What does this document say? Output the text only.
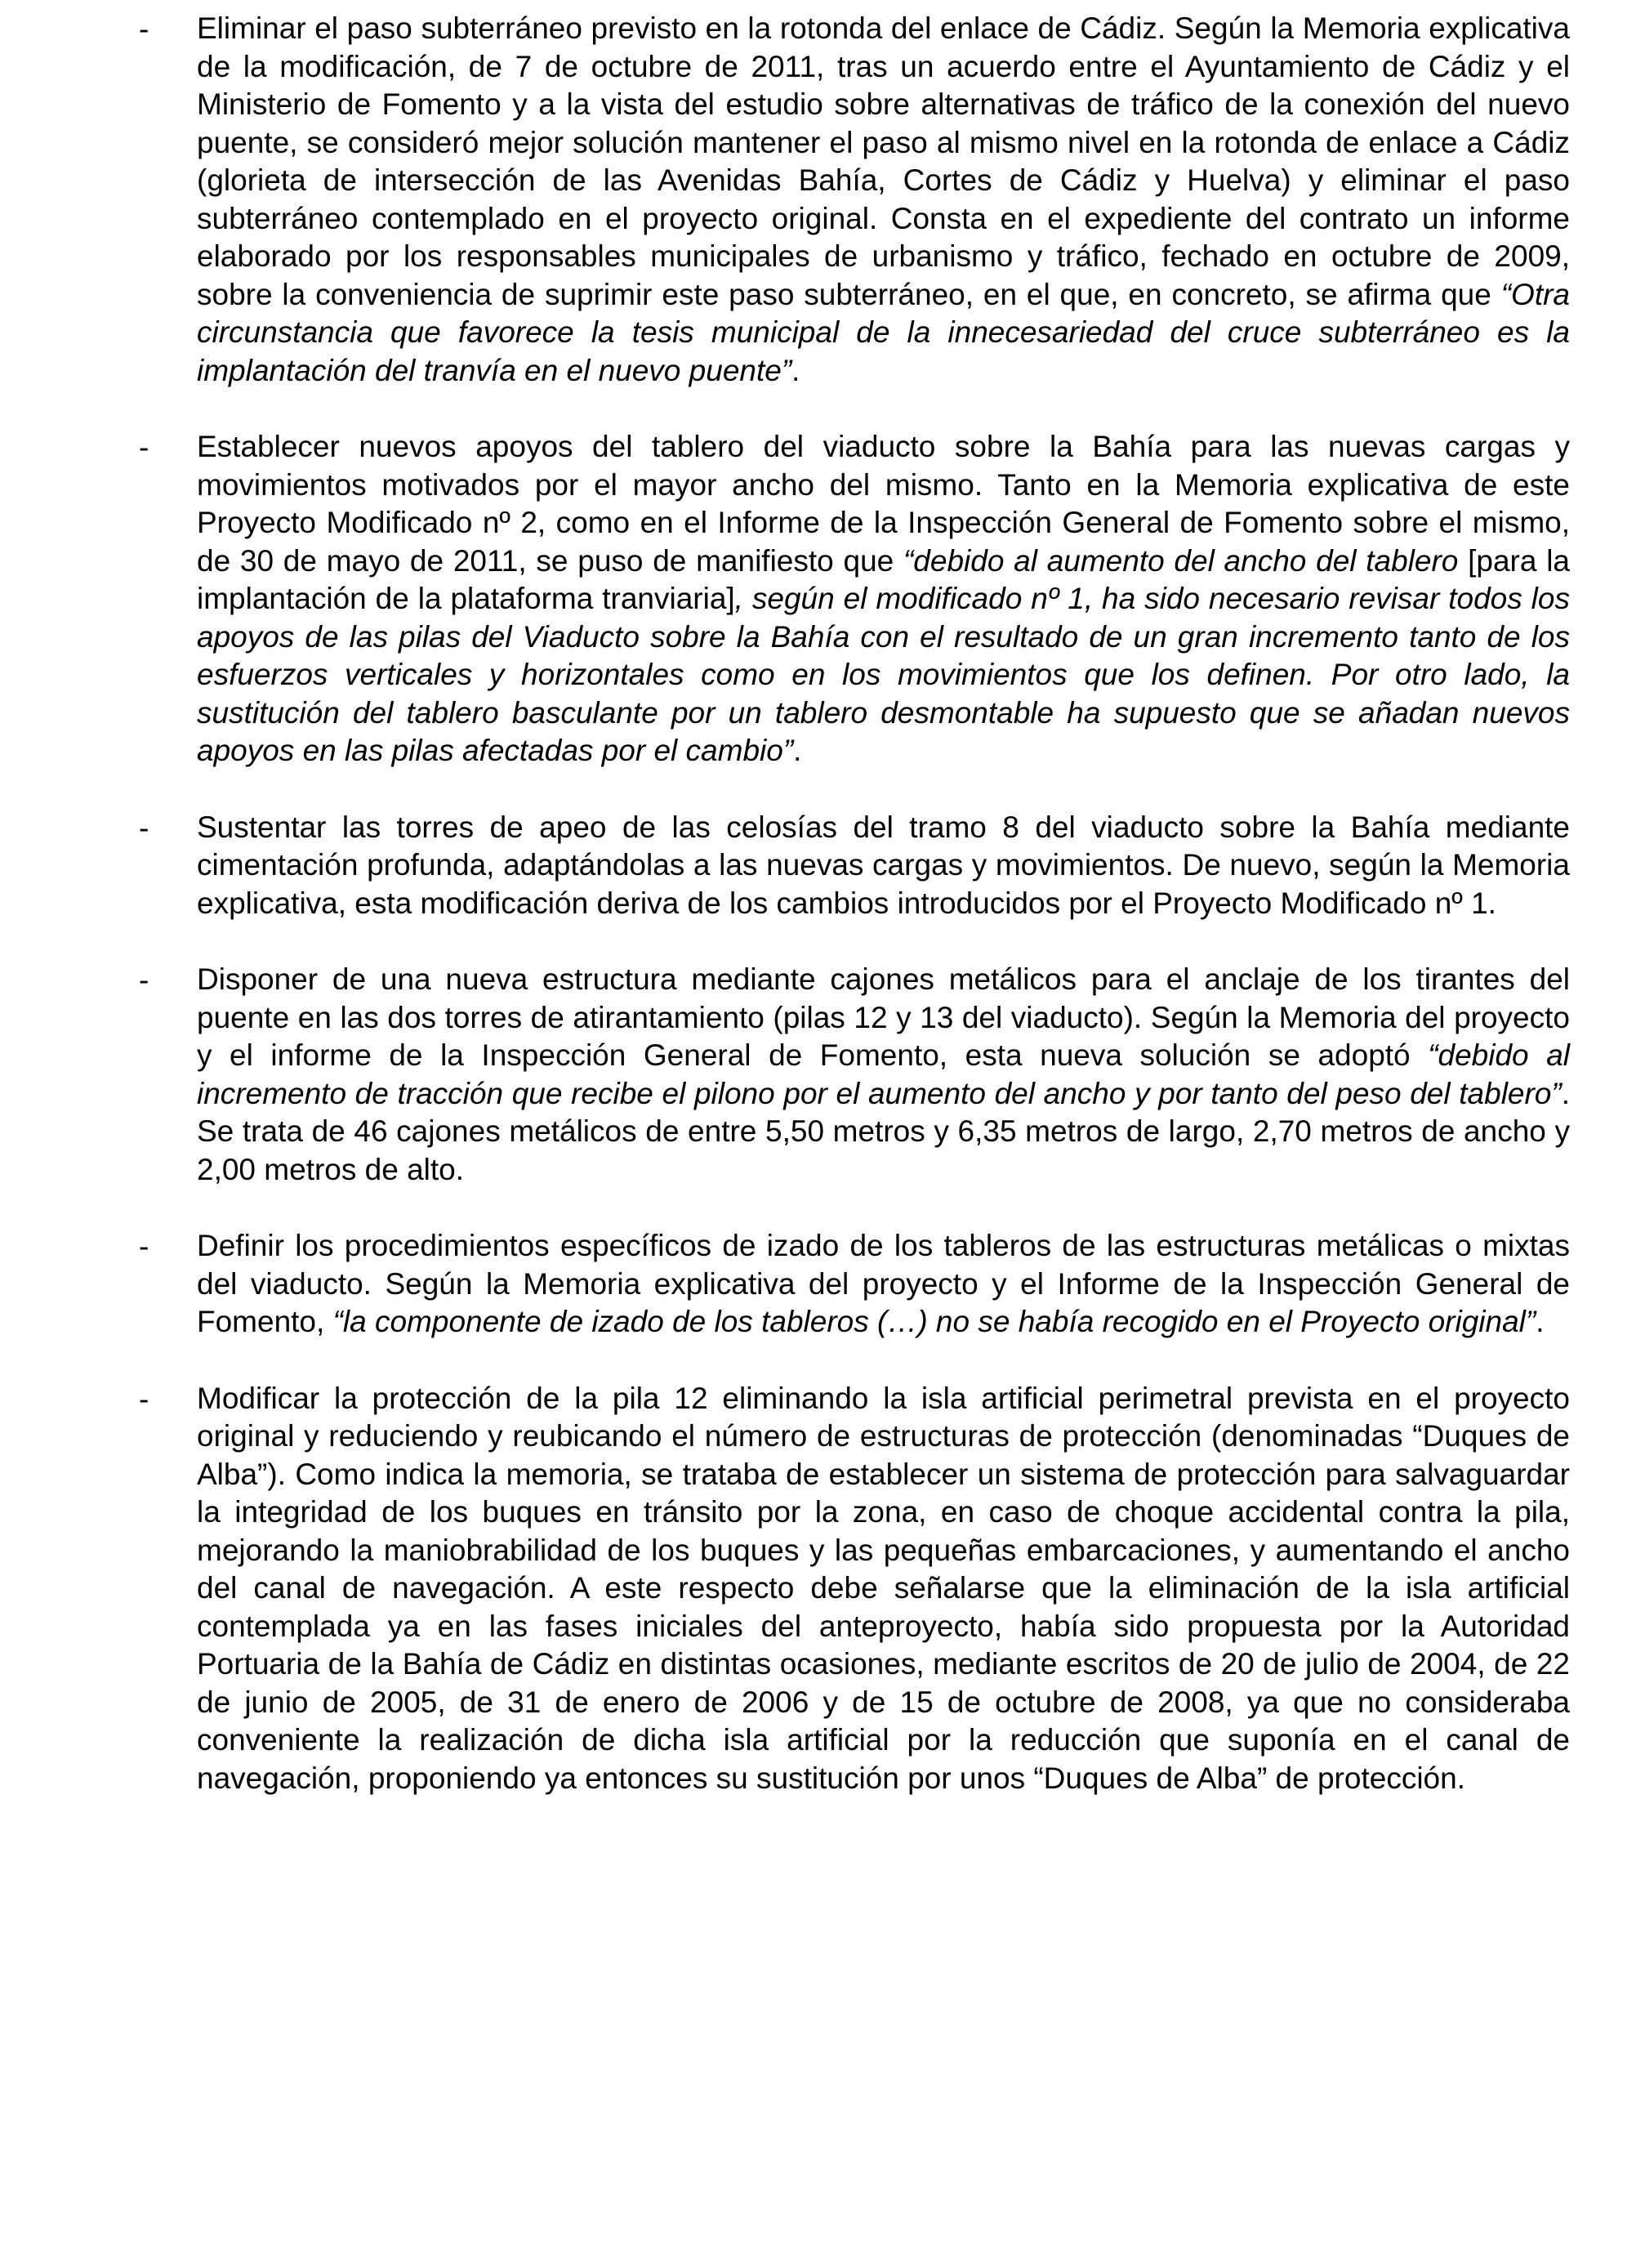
- Eliminar el paso subterráneo previsto en la rotonda del enlace de Cádiz. Según la Memoria explicativa de la modificación, de 7 de octubre de 2011, tras un acuerdo entre el Ayuntamiento de Cádiz y el Ministerio de Fomento y a la vista del estudio sobre alternativas de tráfico de la conexión del nuevo puente, se consideró mejor solución mantener el paso al mismo nivel en la rotonda de enlace a Cádiz (glorieta de intersección de las Avenidas Bahía, Cortes de Cádiz y Huelva) y eliminar el paso subterráneo contemplado en el proyecto original. Consta en el expediente del contrato un informe elaborado por los responsables municipales de urbanismo y tráfico, fechado en octubre de 2009, sobre la conveniencia de suprimir este paso subterráneo, en el que, en concreto, se afirma que “Otra circunstancia que favorece la tesis municipal de la innecesariedad del cruce subterráneo es la implantación del tranvía en el nuevo puente”.

- Establecer nuevos apoyos del tablero del viaducto sobre la Bahía para las nuevas cargas y movimientos motivados por el mayor ancho del mismo. Tanto en la Memoria explicativa de este Proyecto Modificado nº 2, como en el Informe de la Inspección General de Fomento sobre el mismo, de 30 de mayo de 2011, se puso de manifiesto que “debido al aumento del ancho del tablero [para la implantación de la plataforma tranviaria], según el modificado nº 1, ha sido necesario revisar todos los apoyos de las pilas del Viaducto sobre la Bahía con el resultado de un gran incremento tanto de los esfuerzos verticales y horizontales como en los movimientos que los definen. Por otro lado, la sustitución del tablero basculante por un tablero desmontable ha supuesto que se añadan nuevos apoyos en las pilas afectadas por el cambio”.

- Sustentar las torres de apeo de las celosías del tramo 8 del viaducto sobre la Bahía mediante cimentación profunda, adaptándolas a las nuevas cargas y movimientos. De nuevo, según la Memoria explicativa, esta modificación deriva de los cambios introducidos por el Proyecto Modificado nº 1.

- Disponer de una nueva estructura mediante cajones metálicos para el anclaje de los tirantes del puente en las dos torres de atirantamiento (pilas 12 y 13 del viaducto). Según la Memoria del proyecto y el informe de la Inspección General de Fomento, esta nueva solución se adoptó “debido al incremento de tracción que recibe el pilono por el aumento del ancho y por tanto del peso del tablero”. Se trata de 46 cajones metálicos de entre 5,50 metros y 6,35 metros de largo, 2,70 metros de ancho y 2,00 metros de alto.

- Definir los procedimientos específicos de izado de los tableros de las estructuras metálicas o mixtas del viaducto. Según la Memoria explicativa del proyecto y el Informe de la Inspección General de Fomento, “la componente de izado de los tableros (…) no se había recogido en el Proyecto original”.

- Modificar la protección de la pila 12 eliminando la isla artificial perimetral prevista en el proyecto original y reduciendo y reubicando el número de estructuras de protección (denominadas “Duques de Alba”). Como indica la memoria, se trataba de establecer un sistema de protección para salvaguardar la integridad de los buques en tránsito por la zona, en caso de choque accidental contra la pila, mejorando la maniobrabilidad de los buques y las pequeñas embarcaciones, y aumentando el ancho del canal de navegación. A este respecto debe señalarse que la eliminación de la isla artificial contemplada ya en las fases iniciales del anteproyecto, había sido propuesta por la Autoridad Portuaria de la Bahía de Cádiz en distintas ocasiones, mediante escritos de 20 de julio de 2004, de 22 de junio de 2005, de 31 de enero de 2006 y de 15 de octubre de 2008, ya que no consideraba conveniente la realización de dicha isla artificial por la reducción que suponía en el canal de navegación, proponiendo ya entonces su sustitución por unos “Duques de Alba” de protección.
